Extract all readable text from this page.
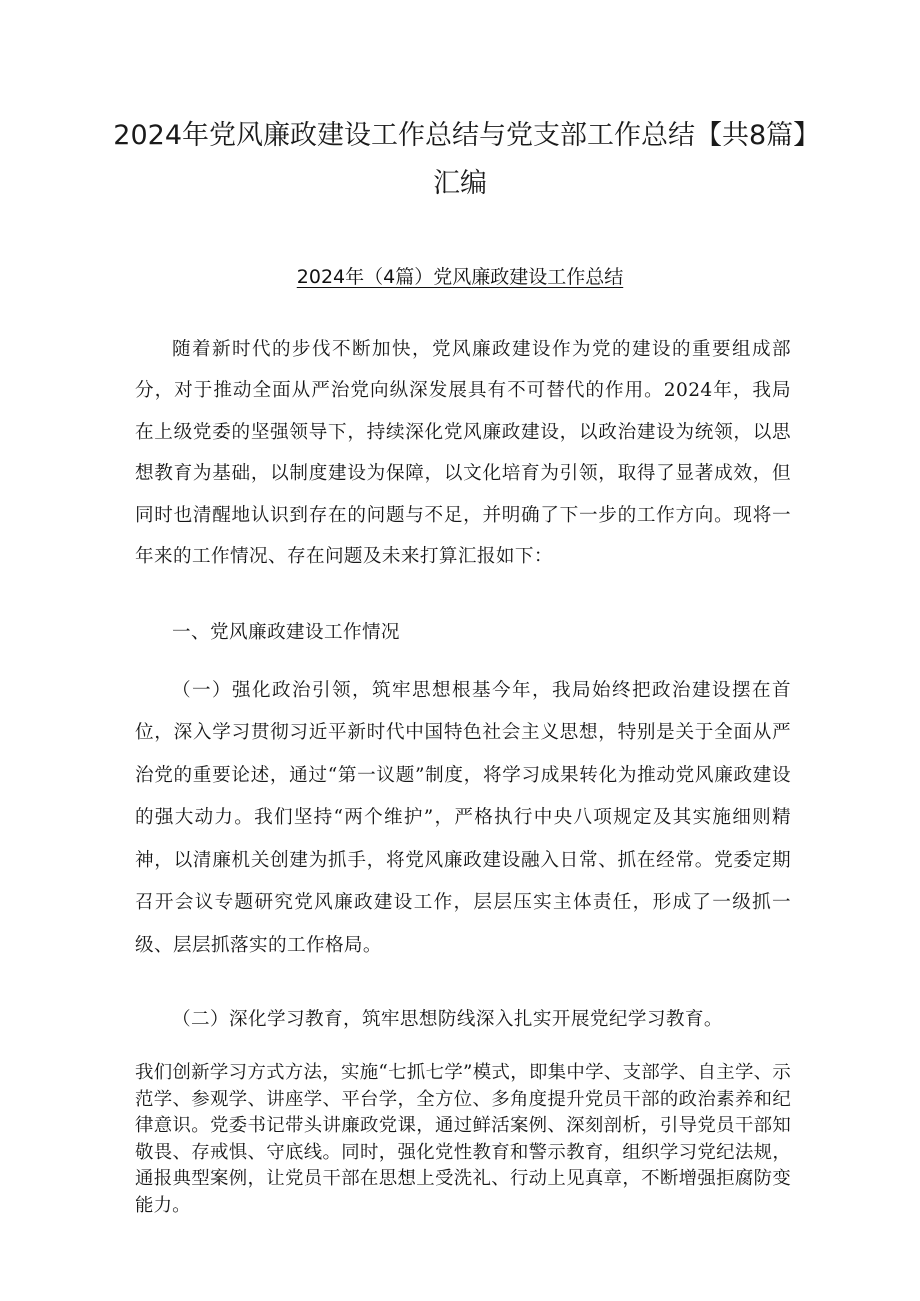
2024年党风廉政建设工作总结与党支部工作总结【共8篇】汇编
2024年（4篇）党风廉政建设工作总结

随着新时代的步伐不断加快，党风廉政建设作为党的建设的重要组成部分，对于推动全面从严治党向纵深发展具有不可替代的作用。2024年，我局在上级党委的坚强领导下，持续深化党风廉政建设，以政治建设为统领，以思想教育为基础，以制度建设为保障，以文化培育为引领，取得了显著成效，但同时也清醒地认识到存在的问题与不足，并明确了下一步的工作方向。现将一年来的工作情况、存在问题及未来打算汇报如下：

一、党风廉政建设工作情况

（一）强化政治引领，筑牢思想根基今年，我局始终把政治建设摆在首位，深入学习贯彻习近平新时代中国特色社会主义思想，特别是关于全面从严治党的重要论述，通过“第一议题”制度，将学习成果转化为推动党风廉政建设的强大动力。我们坚持“两个维护”，严格执行中央八项规定及其实施细则精神，以清廉机关创建为抓手，将党风廉政建设融入日常、抓在经常。党委定期召开会议专题研究党风廉政建设工作，层层压实主体责任，形成了一级抓一级、层层抓落实的工作格局。

（二）深化学习教育，筑牢思想防线深入扎实开展党纪学习教育。

我们创新学习方式方法，实施“七抓七学”模式，即集中学、支部学、自主学、示范学、参观学、讲座学、平台学，全方位、多角度提升党员干部的政治素养和纪律意识。党委书记带头讲廉政党课，通过鲜活案例、深刻剖析，引导党员干部知敬畏、存戒惧、守底线。同时，强化党性教育和警示教育，组织学习党纪法规，通报典型案例，让党员干部在思想上受洗礼、行动上见真章，不断增强拒腐防变能力。
